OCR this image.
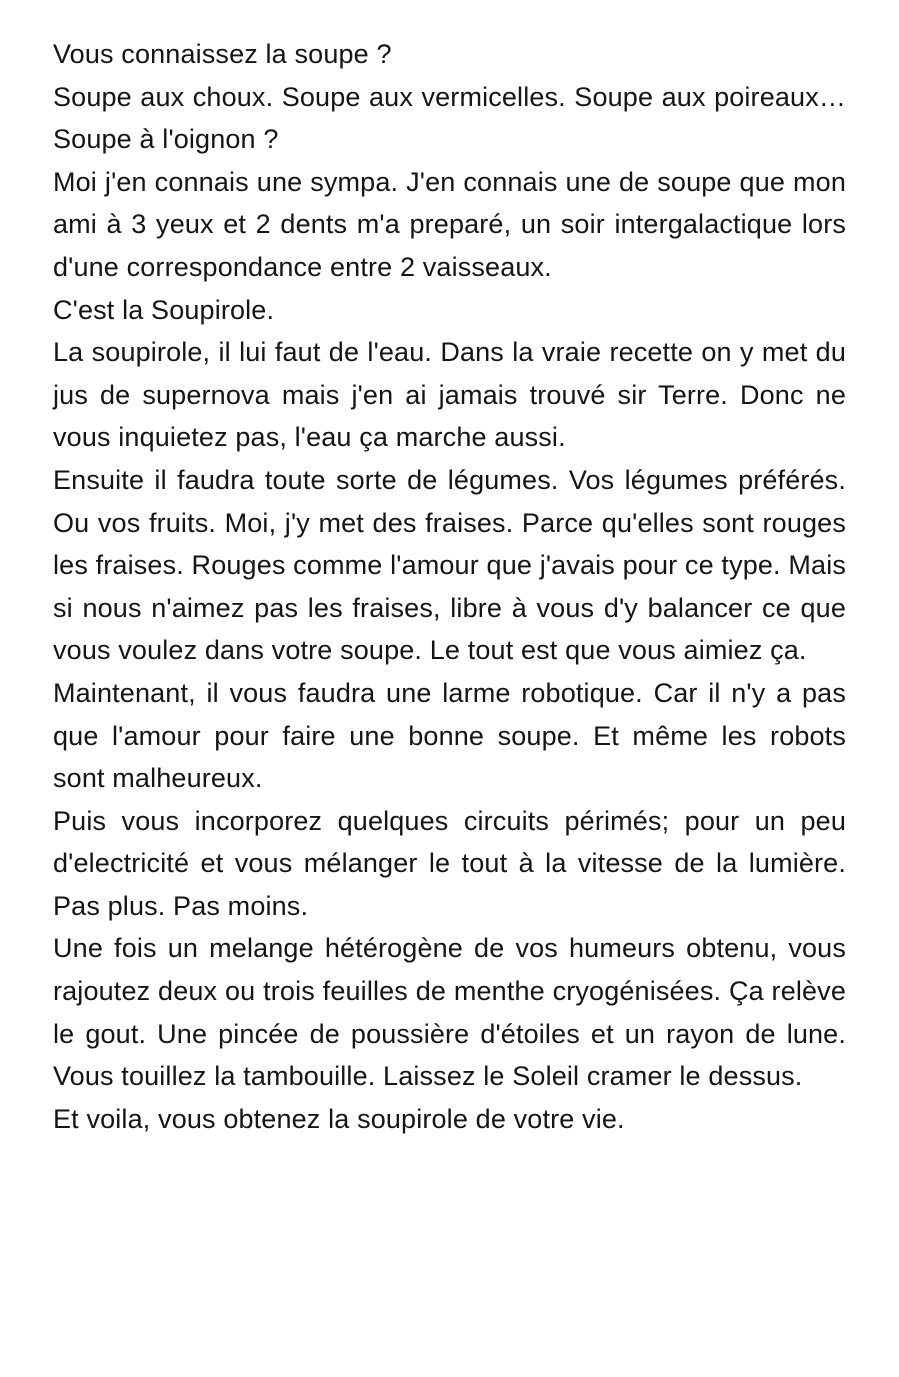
Vous connaissez la soupe ?

Soupe aux choux. Soupe aux vermicelles. Soupe aux poireaux… Soupe à l'oignon ?

Moi j'en connais une sympa. J'en connais une de soupe que mon ami à 3 yeux et 2 dents m'a preparé, un soir intergalactique lors d'une correspondance entre 2 vaisseaux.

C'est la Soupirole.

La soupirole, il lui faut de l'eau. Dans la vraie recette on y met du jus de supernova mais j'en ai jamais trouvé sir Terre. Donc ne vous inquietez pas, l'eau ça marche aussi.

Ensuite il faudra toute sorte de légumes. Vos légumes préférés. Ou vos fruits. Moi, j'y met des fraises. Parce qu'elles sont rouges les fraises. Rouges comme l'amour que j'avais pour ce type. Mais si nous n'aimez pas les fraises, libre à vous d'y balancer ce que vous voulez dans votre soupe. Le tout est que vous aimiez ça.

Maintenant, il vous faudra une larme robotique. Car il n'y a pas que l'amour pour faire une bonne soupe. Et même les robots sont malheureux.

Puis vous incorporez quelques circuits périmés; pour un peu d'electricité et vous mélanger le tout à la vitesse de la lumière. Pas plus. Pas moins.

Une fois un melange hétérogène de vos humeurs obtenu, vous rajoutez deux ou trois feuilles de menthe cryogénisées. Ça relève le gout. Une pincée de poussière d'étoiles et un rayon de lune. Vous touillez la tambouille. Laissez le Soleil cramer le dessus.

Et voila, vous obtenez la soupirole de votre vie.
